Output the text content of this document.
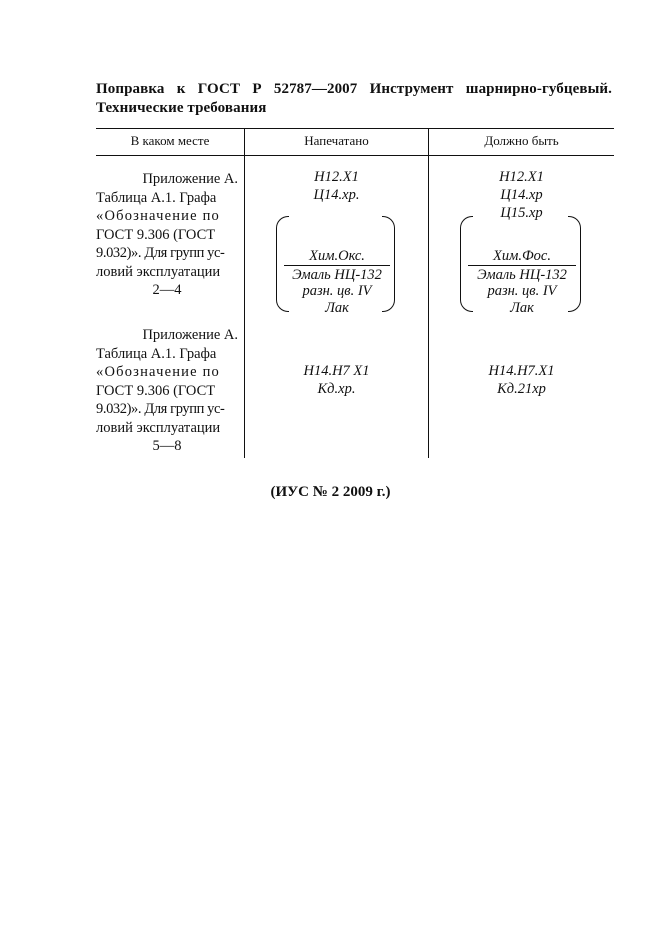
Поправка к ГОСТ Р 52787—2007 Инструмент шарнирно-губцевый. Технические требования
В каком месте	Напечатано	Должно быть
Приложение А.
Таблица А.1. Графа
«Обозначение по
ГОСТ 9.306 (ГОСТ
9.032)». Для групп ус-
ловий эксплуатации
2—4
Н12.Х1
Ц14.хр.
Хим.Окс.
Эмаль НЦ-132
разн. цв. IV
Лак
Н12.Х1
Ц14.хр
Ц15.хр
Хим.Фос.
Эмаль НЦ-132
разн. цв. IV
Лак
Приложение А.
Таблица А.1. Графа
«Обозначение по
ГОСТ 9.306 (ГОСТ
9.032)». Для групп ус-
ловий эксплуатации
5—8
Н14.Н7 Х1
Кд.хр.
Н14.Н7.Х1
Кд.21хр
(ИУС № 2 2009 г.)
